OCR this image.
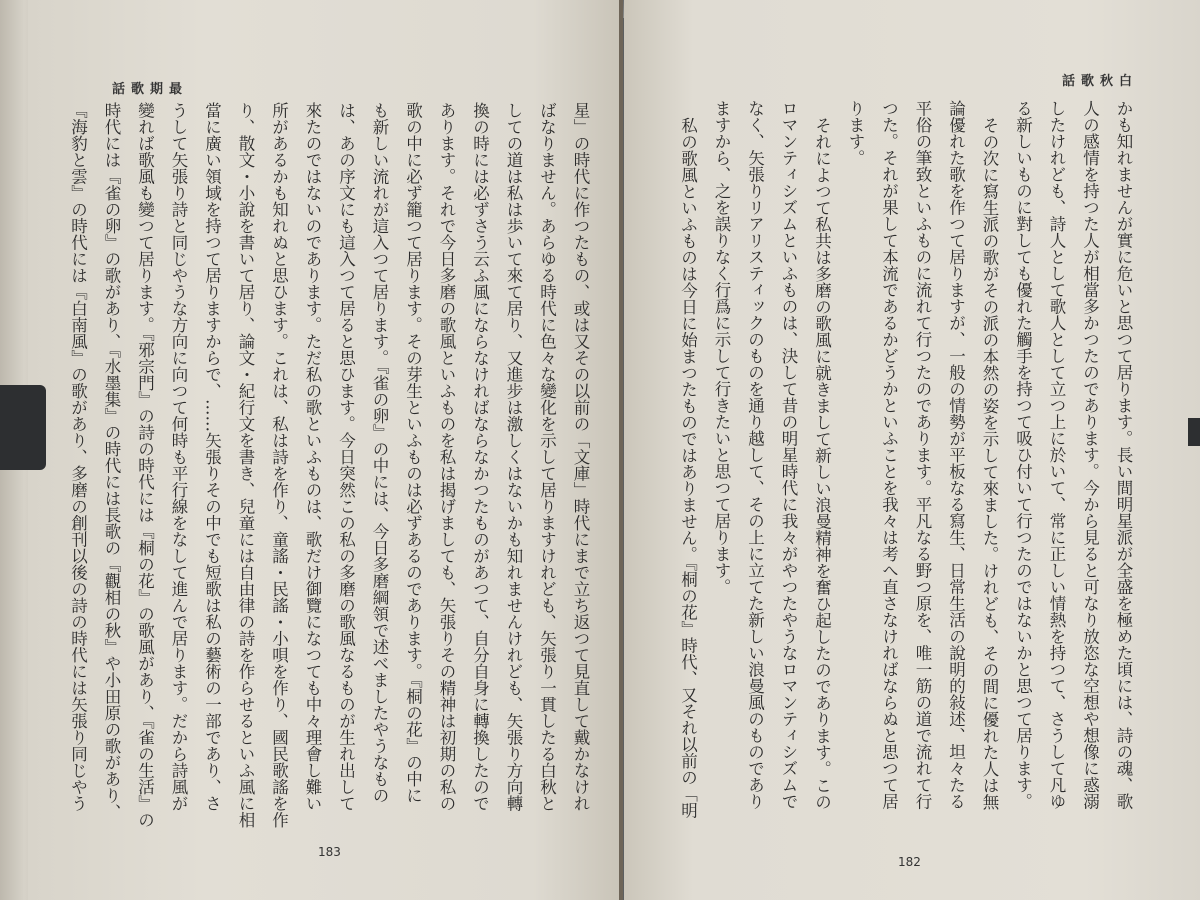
最期歌話
白秋歌話
星」の時代に作つたもの、或は又その以前の「文庫」時代にまで立ち返つて見直して戴かなけれ
ばなりません。あらゆる時代に色々な變化を示して居りますけれども、矢張り一貫したる白秋と
しての道は私は歩いて來て居り、又進步は激しくはないかも知れませんけれども、矢張り方向轉
換の時には必ずさう云ふ風にならなければならなかつたものがあつて、自分自身に轉換したので
あります。それで今日多磨の歌風といふものを私は揭げましても、矢張りその精神は初期の私の
歌の中に必ず籠つて居ります。その芽生といふものは必ずあるのであります。『桐の花』の中に
も新しい流れが這入つて居ります。『雀の卵』の中には、今日多磨綱領で述べましたやうなもの
は、あの序文にも這入つて居ると思ひます。今日突然この私の多磨の歌風なるものが生れ出して
來たのではないのであります。ただ私の歌といふものは、歌だけ御覽になつても中々理會し難い
所があるかも知れぬと思ひます。これは、私は詩を作り、童謠・民謠・小唄を作り、國民歌謠を作
り、散文・小說を書いて居り、論文・紀行文を書き、兒童には自由律の詩を作らせるといふ風に相
當に廣い領域を持つて居りますからで、……矢張りその中でも短歌は私の藝術の一部であり、さ
うして矢張り詩と同じやうな方向に向つて何時も平行線をなして進んで居ります。だから詩風が
變れば歌風も變つて居ります。『邪宗門』の詩の時代には『桐の花』の歌風があり、『雀の生活』の
時代には『雀の卵』の歌があり、『水墨集』の時代には長歌の『觀相の秋』や小田原の歌があり、
『海豹と雲』の時代には『白南風』の歌があり、多磨の創刊以後の詩の時代には矢張り同じやう	かも知れませんが實に危いと思つて居ります。長い間明星派が全盛を極めた頃には、詩の魂、歌
人の感情を持つた人が相當多かつたのであります。今から見ると可なり放恣な空想や想像に惑溺
したけれども、詩人として歌人として立つ上に於いて、常に正しい情熱を持つて、さうして凡ゆ
る新しいものに對しても優れた觸手を持つて吸ひ付いて行つたのではないかと思つて居ります。
その次に寫生派の歌がその派の本然の姿を示して來ました。けれども、その間に優れた人は無
論優れた歌を作つて居りますが、一般の情勢が平板なる寫生、日常生活の說明的敍述、坦々たる
平俗の筆致といふものに流れて行つたのであります。平凡なる野つ原を、唯一筋の道で流れて行
つた。それが果して本流であるかどうかといふことを我々は考へ直さなければならぬと思つて居
ります。
それによつて私共は多磨の歌風に就きまして新しい浪曼精神を奮ひ起したのであります。この
ロマンティシズムといふものは、決して昔の明星時代に我々がやつたやうなロマンティシズムで
なく、矢張りリアリスティックのものを通り越して、その上に立てた新しい浪曼風のものであり
ますから、之を誤りなく行爲に示して行きたいと思つて居ります。
私の歌風といふものは今日に始まつたものではありません。『桐の花』時代、又それ以前の「明
183
182
